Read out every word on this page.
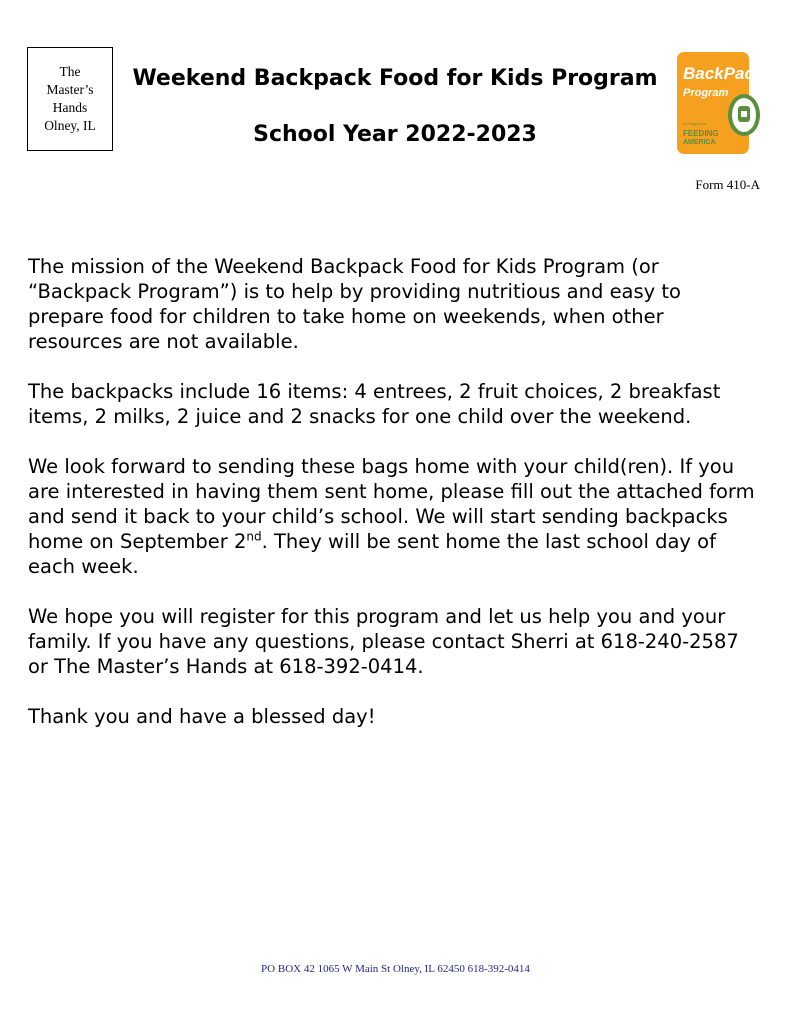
The
Master’s
Hands
Olney, IL
Weekend Backpack Food for Kids Program
School Year 2022-2023
BackPack
Program
A Program of
FEEDING
AMERICA
Form 410-A

The mission of the Weekend Backpack Food for Kids Program (or “Backpack Program”) is to help by providing nutritious and easy to prepare food for children to take home on weekends, when other resources are not available.

The backpacks include 16 items: 4 entrees, 2 fruit choices, 2 breakfast items, 2 milks, 2 juice and 2 snacks for one child over the weekend.

We look forward to sending these bags home with your child(ren). If you are interested in having them sent home, please fill out the attached form and send it back to your child’s school. We will start sending backpacks home on September 2nd. They will be sent home the last school day of each week.

We hope you will register for this program and let us help you and your family. If you have any questions, please contact Sherri at 618-240-2587 or The Master’s Hands at 618-392-0414.

Thank you and have a blessed day!

PO BOX 42 1065 W Main St Olney, IL 62450 618-392-0414
